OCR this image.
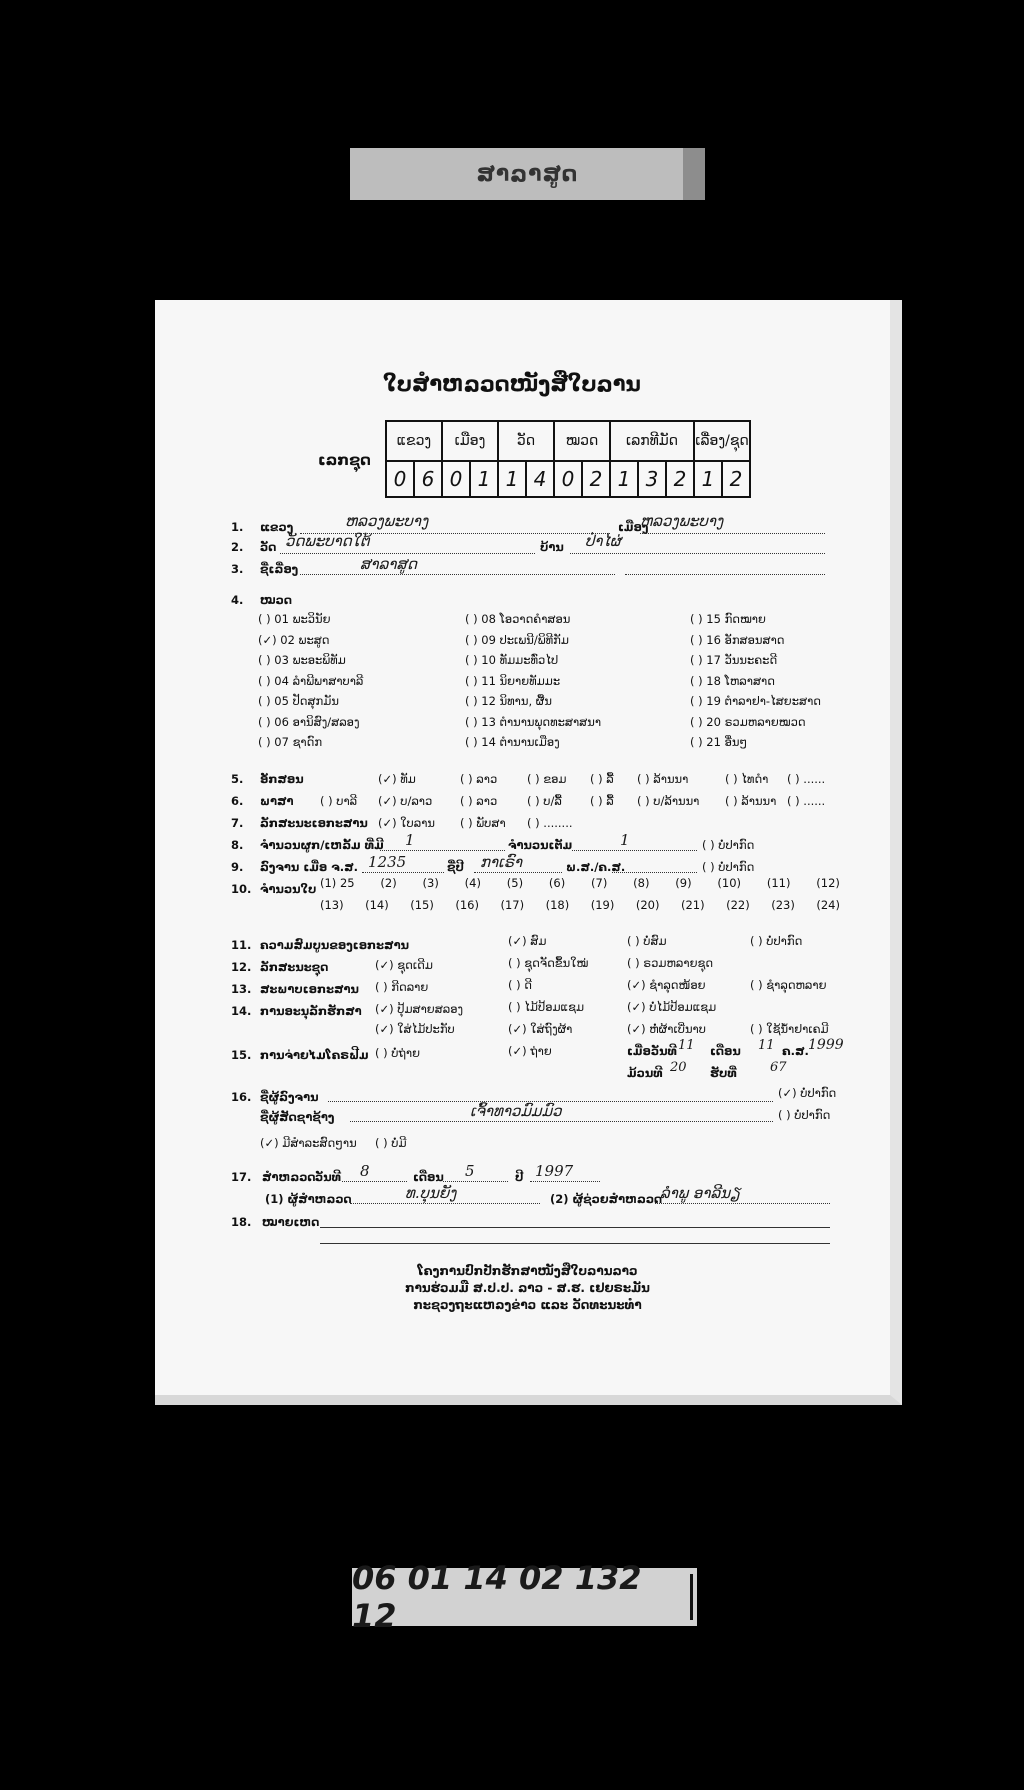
ສາລາສູດ
ໃບສຳຫລວດໜັງສືໃບລານ
ເລກຊຸດ
ແຂວງ		ເມືອງ		ວັດ		ໝວດ		ເລກທີມັດ			ເລື່ອງ/ຊຸດ	
0	6	0	1	1	4	0	2	1	3	2	1	2
1. ແຂວງ	ຫລວງພະບາງ	ເມືອງ
ຫລວງພະບາງ
2. ວັດ ວັດພະບາດໃຕ້	ບ້ານ ປ່າໄຜ່
3. ຊື່ເລື່ອງ	ສາລາສູດ
4. ໝວດ
( ) 01 ພະວິນັຍ
(✓) 02 ພະສູດ
( ) 03 ພະອະພິທັມ
( ) 04 ລຳພີພາສາບາລີ
( ) 05 ປັດສຸກມັນ
( ) 06 ອານິສົງ/ສລອງ
( ) 07 ຊາດົກ
( ) 08 ໂອວາດຄຳສອນ
( ) 09 ປະເພນີ/ພິທີກັມ
( ) 10 ທັມມະທົ່ວໄປ
( ) 11 ນິຍາຍທັມມະ
( ) 12 ນິທານ, ຜື້ນ
( ) 13 ຕຳນານພຸດທະສາສນາ
( ) 14 ຕຳນານເມືອງ
( ) 15 ກົດໝາຍ
( ) 16 ອັກສອນສາດ
( ) 17 ວັນນະຄະດີ
( ) 18 ໂຫລາສາດ
( ) 19 ຕຳລາຢາ-ໄສຍະສາດ
( ) 20 ຣວມຫລາຍໝວດ
( ) 21 ອື່ນໆ
5. ອັກສອນ	(✓) ທັມ	( ) ລາວ	( ) ຂອມ ( ) ລື້ ( ) ລ້ານນາ	( ) ໄທດຳ ( ) ......
6. ພາສາ ( ) ບາລີ (✓) ບ/ລາວ ( ) ລາວ	( ) ບ/ລື້ ( ) ລື້ ( ) ບ/ລ້ານນາ ( ) ລ້ານນາ ( ) ......
7. ລັກສະນະເອກະສານ (✓) ໃບລານ ( ) ພັບສາ ( ) ........
8. ຈຳນວນຜູກ/ເຫລັ້ມ ທີ່ມີ 1	ຈຳນວນເຕັມ	1	( ) ບໍ່ປາກົດ
9. ລົງຈານ ເມື່ອ ຈ.ສ. 1235	ຊື່ປີ ກາເຣົາ	ພ.ສ./ຄ.ສ.	( ) ບໍ່ປາກົດ
10. ຈຳນວນໃບ (1) 25 (2) (3) (4) (5) (6) (7) (8) (9) (10) (11) (12)
(13) (14) (15) (16) (17) (18) (19) (20) (21) (22) (23) (24)
11. ຄວາມສົມບູນຂອງເອກະສານ	(✓) ສົມ	( ) ບໍ່ສົມ	( ) ບໍ່ປາກົດ
12. ລັກສະນະຊຸດ	(✓) ຊຸດເດີມ	( ) ຊຸດຈັດຂຶ້ນໃໝ່	( ) ຣວມຫລາຍຊຸດ
13. ສະພາບເອກະສານ ( ) ກີດລາຍ	( ) ດີ	(✓) ຊຳລຸດໜ້ອຍ	( ) ຊຳລຸດຫລາຍ
14. ການອະນຸລັກຮັກສາ (✓) ປຸ້ມສາຍສລອງ	( ) ໄມ້ປ້ອມແຊມ	(✓) ບໍ່ໄມ້ປ້ອມແຊມ
(✓) ໃສ່ໄມ້ປະກັບ	(✓) ໃສ່ຖົງຜ້າ	(✓) ຫໍ່ຜ້າເບີ່ນາບ	( ) ໃຊ້ນ້ຳຢາເຄມີ
15. ການຈ່າຍໄມໂຄຣຟີມ ( ) ບໍ່ຖ່າຍ	(✓) ຖ່າຍ	ເມື່ອວັນທີ 11 ເດືອນ 11 ຄ.ສ. 1999
ມ້ວນທີ 20 ຮັບທີ່	67
16. ຊື່ຜູ້ລົງຈານ	(✓) ບໍ່ປາກົດ
ຊື່ຜູ້ສັດຊາຊ້າງ	ເຈົ້າທາວມົມມົວ	( ) ບໍ່ປາກົດ
(✓) ມີສຳລະສົດໆານ ( ) ບໍ່ມີ
17. ສຳຫລວດ ວັນທີ 8	ເດືອນ 5	ປີ 1997
(1) ຜູ້ສຳຫລວດ	ທ.ບຸນຍັງ	(2) ຜູ້ຊ່ວຍສຳຫລວດ
ລຳພູ ອາລີນຽ
18. ໝາຍເຫດ
ໂຄງການປົກປັກຮັກສາໜັງສືໃບລານລາວ
ການຮ່ວມມື ສ.ປ.ປ. ລາວ - ສ.ຮ. ເຢຍຣະມັນ
ກະຊວງຖະແຫລງຂ່າວ ແລະ ວັດທະນະທຳ
06 01 14 02 132 12
